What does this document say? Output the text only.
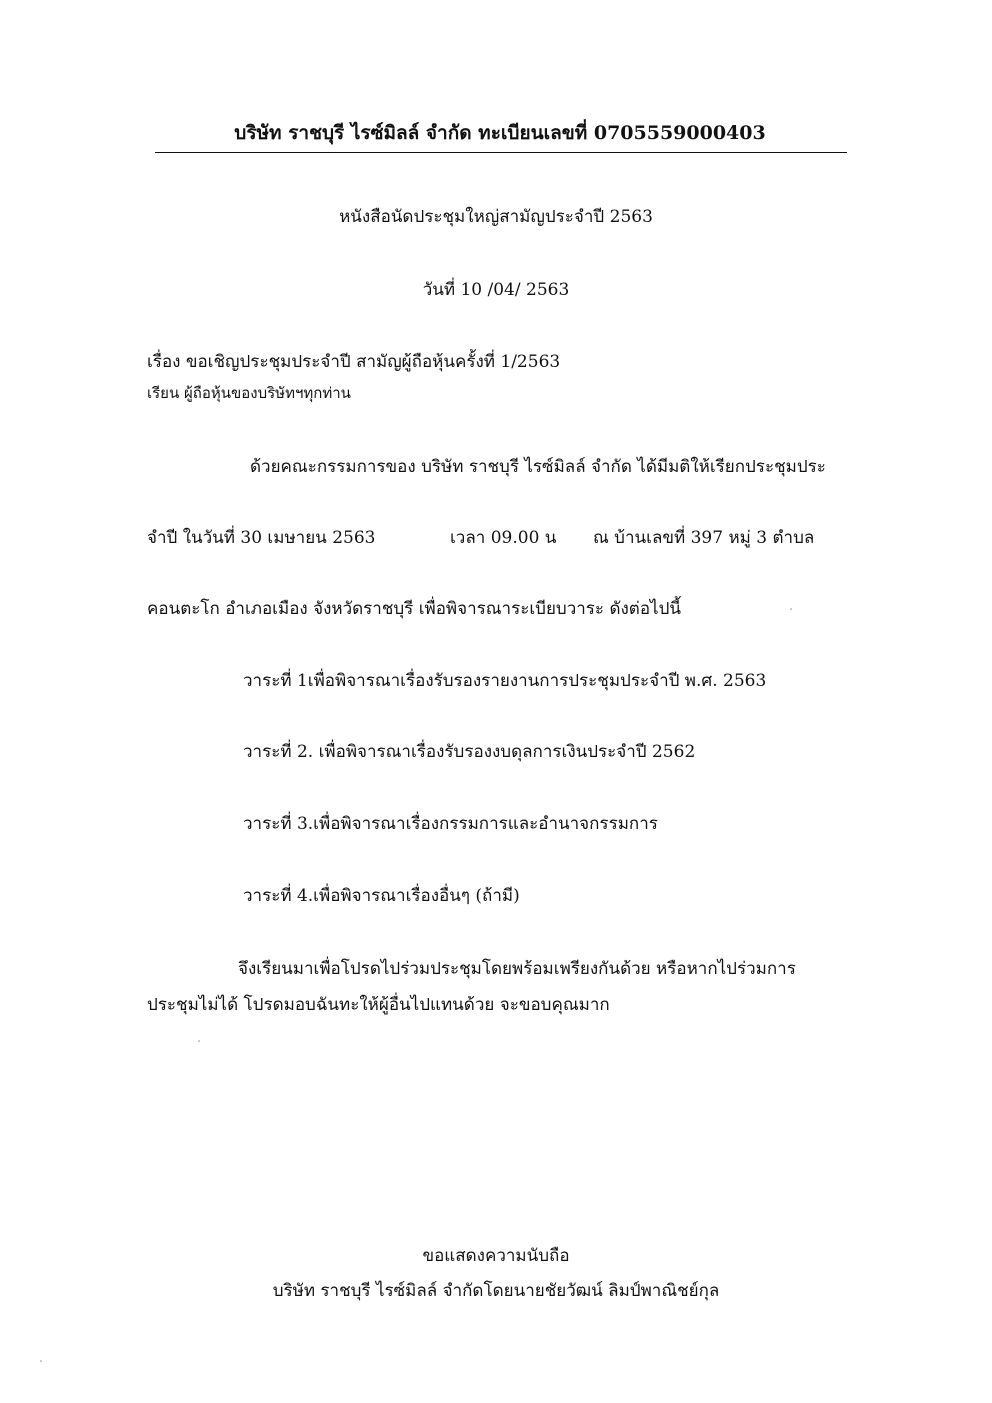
บริษัท ราชบุรี ไรซ์มิลล์ จำกัด ทะเบียนเลขที่ 0705559000403
หนังสือนัดประชุมใหญ่สามัญประจำปี 2563
วันที่ 10 /04/ 2563
เรื่อง ขอเชิญประชุมประจำปี สามัญผู้ถือหุ้นครั้งที่ 1/2563
เรียน ผู้ถือหุ้นของบริษัทฯทุกท่าน
ด้วยคณะกรรมการของ บริษัท ราชบุรี ไรซ์มิลล์ จำกัด ได้มีมติให้เรียกประชุมประ
จำปี ในวันที่ 30 เมษายน 2563	เวลา 09.00 น ณ บ้านเลขที่ 397 หมู่ 3 ตำบล
คอนตะโก อำเภอเมือง จังหวัดราชบุรี เพื่อพิจารณาระเบียบวาระ ดังต่อไปนี้
วาระที่ 1เพื่อพิจารณาเรื่องรับรองรายงานการประชุมประจำปี พ.ศ. 2563
วาระที่ 2. เพื่อพิจารณาเรื่องรับรองงบดุลการเงินประจำปี 2562
วาระที่ 3.เพื่อพิจารณาเรื่องกรรมการและอำนาจกรรมการ
วาระที่ 4.เพื่อพิจารณาเรื่องอื่นๆ (ถ้ามี)
จึงเรียนมาเพื่อโปรดไปร่วมประชุมโดยพร้อมเพรียงกันด้วย หรือหากไปร่วมการ
ประชุมไม่ได้ โปรดมอบฉันทะให้ผู้อื่นไปแทนด้วย จะขอบคุณมาก
ขอแสดงความนับถือ
บริษัท ราชบุรี ไรซ์มิลล์ จำกัดโดยนายชัยวัฒน์ ลิมป์พาณิชย์กุล
